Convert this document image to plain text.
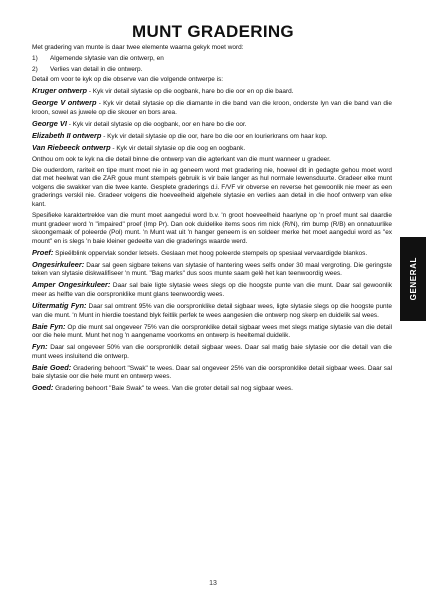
MUNT GRADERING

Met gradering van munte is daar twee elemente waarna gekyk moet word:

1)	Algemende slytasie van die ontwerp, en
2)	Verlies van detail in die ontwerp.

Detail om voor te kyk op die observe van die volgende ontwerpe is:

Kruger ontwerp - Kyk vir detail slytasie op die oogbank, hare bo die oor en op die baard.

George V ontwerp - Kyk vir detail slytasie op die diamante in die band van die kroon, onderste lyn van die band van die kroon, sowel as juwele op die skouer en bors area.

George VI - Kyk vir detail slytasie op die oogbank, oor en hare bo die oor.

Elizabeth II ontwerp - Kyk vir detail slytasie op die oor, hare bo die oor en lourierkrans om haar kop.

Van Riebeeck ontwerp - Kyk vir detail slytasie op die oog en oogbank.

Onthou om ook te kyk na die detail binne die ontwerp van die agterkant van die munt wanneer u gradeer.

Die ouderdom, rariteit en tipe munt moet nie in ag geneem word met gradering nie, hoewel dit in gedagte gehou moet word dat met heelwat van die ZAR goue munt stempels gebruik is vir baie langer as hul normale lewensduurte. Gradeer elke munt volgens die swakker van die twee kante. Gesplete graderings d.i. F/VF vir obverse en reverse het gewoonlik nie meer as een graderings verskil nie. Gradeer volgens die hoeveelheid algehele slytasie en verlies aan detail in die hoof ontwerp van elke kant.

Spesifieke karaktertrekke van die munt moet aangedui word b.v. 'n groot hoeveelheid haarlyne op 'n proef munt sal daardie munt gradeer word 'n "impaired" proef (Imp Pr). Dan ook duidelike items soos rim nick (R/N), rim bump (R/B) en onnatuurlike skoongemaak of poleerde (Pol) munt. 'n Munt wat uit 'n hanger geneem is en soldeer merke het moet aangedui word as "ex mount" en is slegs 'n baie kleiner gedeelte van die graderings waarde werd.

Proef: Spieëlblink oppervlak sonder letsels. Geslaan met hoog poleerde stempels op spesiaal vervaardigde blankos.

Ongesirkuleer: Daar sal geen sigbare tekens van slytasie of hantering wees selfs onder 30 maal vergroting. Die geringste teken van slytasie diskwalifiseer 'n munt. "Bag marks" dus soos munte saam gelê het kan teenwoordig wees.

Amper Ongesirkuleer: Daar sal baie ligte slytasie wees slegs op die hoogste punte van die munt. Daar sal gewoonlik meer as helfte van die oorspronklike munt glans teenwoordig wees.

Uitermatig Fyn: Daar sal omtrent 95% van die oorspronklike detail sigbaar wees, ligte slytasie slegs op die hoogste punte van die munt. 'n Munt in hierdie toestand blyk feitlik perfek te wees aangesien die ontwerp nog skerp en duidelik sal wees.

Baie Fyn: Op die munt sal ongeveer 75% van die oorspronklike detail sigbaar wees met slegs matige slytasie van die detail oor die hele munt. Munt het nog 'n aangename voorkoms en ontwerp is heeltemal duidelik.

Fyn: Daar sal ongeveer 50% van die oorspronklik detail sigbaar wees. Daar sal matig baie slytasie oor die detail van die munt wees insluitend die ontwerp.

Baie Goed: Gradering behoort "Swak" te wees. Daar sal ongeveer 25% van die oorspronklike detail sigbaar wees. Daar sal baie slytasie oor die hele munt en ontwerp wees.

Goed: Gradering behoort "Baie Swak" te wees. Van die groter detail sal nog sigbaar wees.

GENERAL
13
